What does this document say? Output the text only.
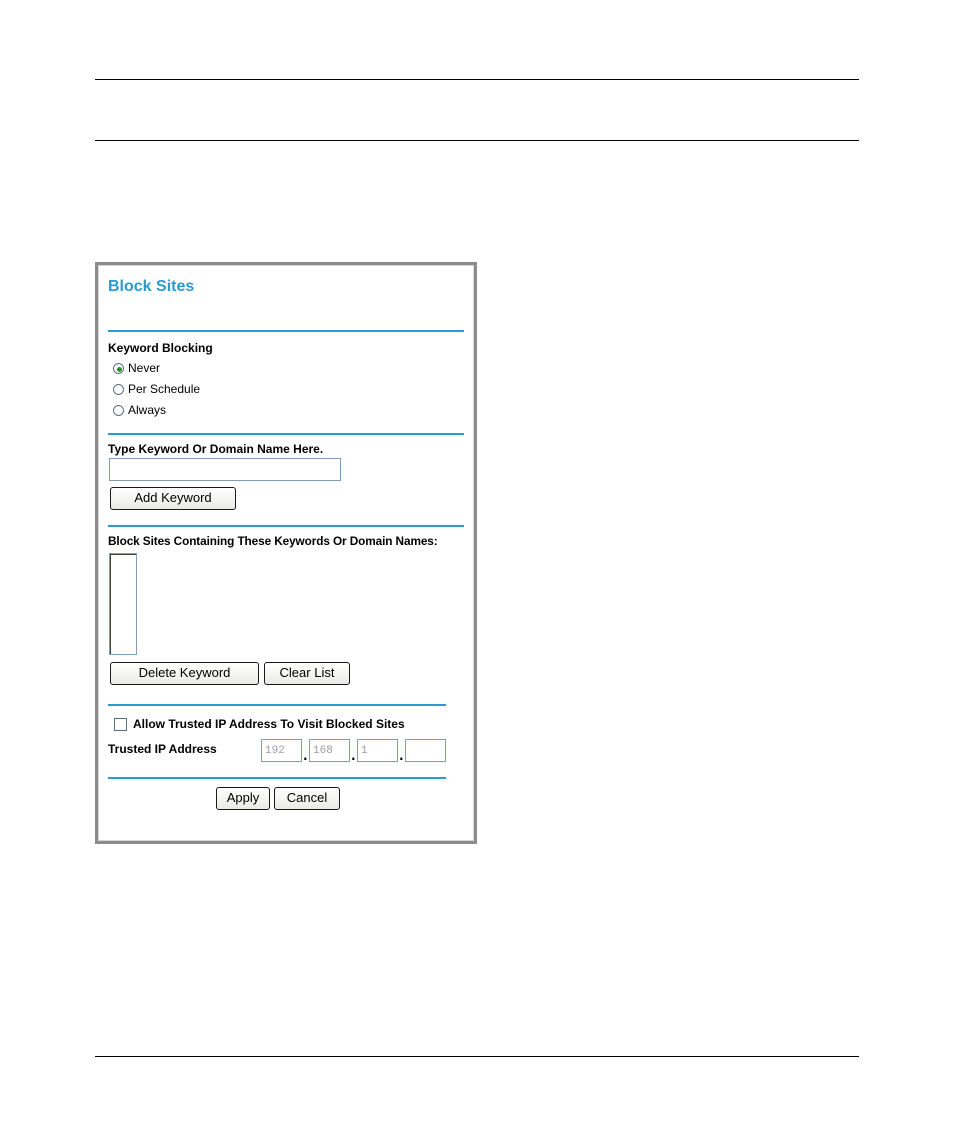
Block Sites
Keyword Blocking
Never
Per Schedule
Always
Type Keyword Or Domain Name Here.
Add Keyword
Block Sites Containing These Keywords Or Domain Names:
Delete Keyword	Clear List
Allow Trusted IP Address To Visit Blocked Sites
Trusted IP Address
192	.
168	.
1	.
Apply	Cancel
